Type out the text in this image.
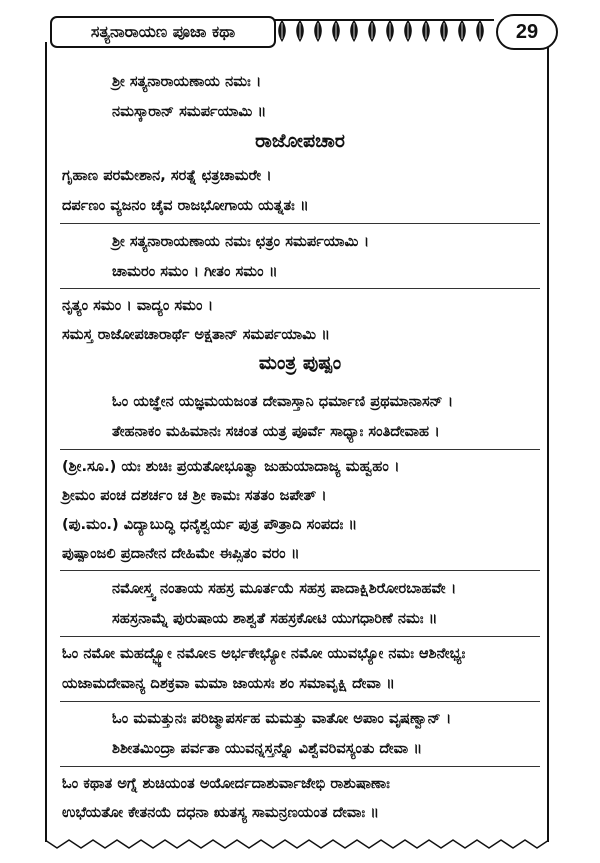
ಸತ್ಯನಾರಾಯಣ ಪೂಜಾ ಕಥಾ	29
ಶ್ರೀ ಸತ್ಯನಾರಾಯಣಾಯ ನಮಃ ।
ನಮಸ್ಕಾರಾನ್ ಸಮರ್ಪಯಾಮಿ ॥
ರಾಜೋಪಚಾರ
ಗೃಹಾಣ ಪರಮೇಶಾನ, ಸರತ್ನೆ ಛತ್ರಚಾಮರೇ ।
ದರ್ಪಣಂ ವ್ಯಜನಂ ಚೈವ ರಾಜಭೋಗಾಯ ಯತ್ನತಃ ॥
ಶ್ರೀ ಸತ್ಯನಾರಾಯಣಾಯ ನಮಃ ಛತ್ರಂ ಸಮರ್ಪಯಾಮಿ ।
ಚಾಮರಂ ಸಮಂ । ಗೀತಂ ಸಮಂ ॥
ನೃತ್ಯಂ ಸಮಂ । ವಾದ್ಯಂ ಸಮಂ ।
ಸಮಸ್ತ ರಾಜೋಪಚಾರಾರ್ಥೆ ಅಕ್ಷತಾನ್ ಸಮರ್ಪಯಾಮಿ ॥
ಮಂತ್ರ ಪುಷ್ಪಂ
ಓಂ ಯಜ್ಞೇನ ಯಜ್ಞಮಯಜಂತ ದೇವಾಸ್ತಾನಿ ಧರ್ಮಾಣಿ ಪ್ರಥಮಾನಾಸನ್ ।
ತೇಹನಾಕಂ ಮಹಿಮಾನಃ ಸಚಂತ ಯತ್ರ ಪೂರ್ವೆ ಸಾಧ್ಯಾಃ ಸಂತಿದೇವಾಹ ।
(ಶ್ರೀ.ಸೂ.) ಯಃ ಶುಚಿಃ ಪ್ರಯತೋಭೂತ್ವಾ ಜುಹುಯಾದಾಜ್ಯ ಮಹ್ವಹಂ ।
ಶ್ರೀಮಂ ಪಂಚ ದಶರ್ಚಂ ಚ ಶ್ರೀ ಕಾಮಃ ಸತತಂ ಜಪೇತ್ ।
(ಪು.ಮಂ.) ವಿದ್ಯಾಬುದ್ಧಿ ಧನೈಶ್ವರ್ಯ ಪುತ್ರ ಪೌತ್ರಾದಿ ಸಂಪದಃ ॥
ಪುಷ್ಪಾಂಜಲಿ ಪ್ರದಾನೇನ ದೇಹಿಮೇ ಈಪ್ಸಿತಂ ವರಂ ॥
ನಮೋಸ್ತ್ವ ನಂತಾಯ ಸಹಸ್ರ ಮೂರ್ತಯೆ ಸಹಸ್ರ ಪಾದಾಕ್ಷಿಶಿರೋರಬಾಹವೇ ।
ಸಹಸ್ರನಾಮ್ನೆ ಪುರುಷಾಯ ಶಾಶ್ವತೆ ಸಹಸ್ರಕೋಟಿ ಯುಗಧಾರಿಣೆ ನಮಃ ॥
ಓಂ ನಮೋ ಮಹದ್ಭ್ಯೋ ನಮೋಽ ಅರ್ಭಕೇಭ್ಯೋ ನಮೋ ಯುವಭ್ಯೋ ನಮಃ ಆಶಿನೇಭ್ಯಃ
ಯಜಾಮದೇವಾನ್ಯ ದಿಶಕ್ರವಾ ಮಮಾ ಜಾಯಸಃ ಶಂ ಸಮಾವೃಕ್ಷಿ ದೇವಾ ॥
ಓಂ ಮಮತ್ತುನಃ ಪರಿಜ್ಮಾಪರ್ಸಹ ಮಮತ್ತು ವಾತೋ ಅಪಾಂ ವೃಷಣ್ವಾನ್ ।
ಶಿಶೀತಮಿಂದ್ರಾ ಪರ್ವತಾ ಯುವನ್ನಸ್ತನ್ನೊ ವಿಶ್ವೆವರಿವಸ್ಯಂತು ದೇವಾ ॥
ಓಂ ಕಥಾತ ಅಗ್ನೆ ಶುಚಿಯಂತ ಅಯೋರ್ದದಾಶುರ್ವಾಜೇಭಿ ರಾಶುಷಾಣಾಃ
ಉಭೆಯತೋ ಕೇತನಯೆ ದಧನಾ ಋತಸ್ಯ ಸಾಮನ್ರಣಯಂತ ದೇವಾಃ ॥
